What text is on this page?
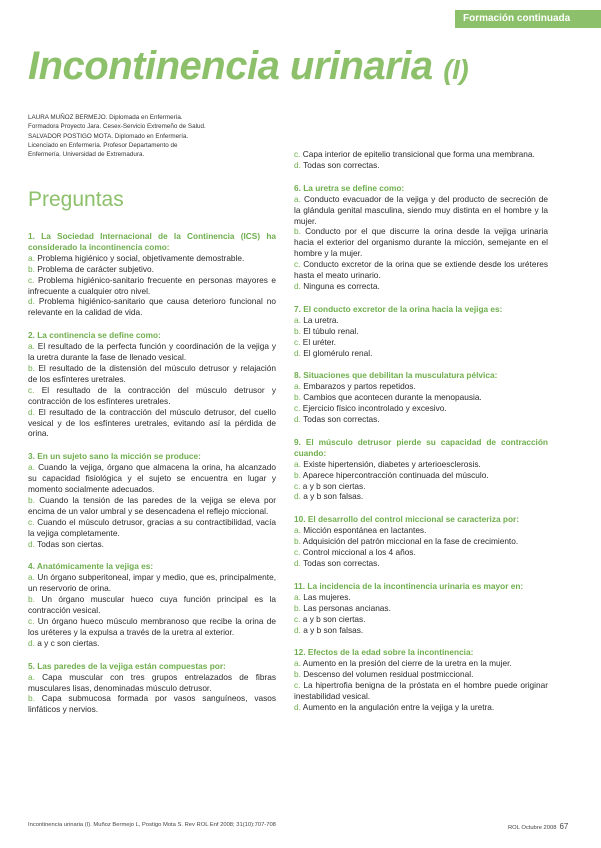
Formación continuada
Incontinencia urinaria (I)
LAURA MUÑOZ BERMEJO. Diplomada en Enfermería.
Formadora Proyecto Jara. Cesex-Servicio Extremeño de Salud.
SALVADOR POSTIGO MOTA. Diplomado en Enfermería.
Licenciado en Enfermería. Profesor Departamento de
Enfermería. Universidad de Extremadura.
Preguntas
1. La Sociedad Internacional de la Continencia (ICS) ha considerado la incontinencia como:
a. Problema higiénico y social, objetivamente demostrable.
b. Problema de carácter subjetivo.
c. Problema higiénico-sanitario frecuente en personas mayores e infrecuente a cualquier otro nivel.
d. Problema higiénico-sanitario que causa deterioro funcional no relevante en la calidad de vida.
2. La continencia se define como:
a. El resultado de la perfecta función y coordinación de la vejiga y la uretra durante la fase de llenado vesical.
b. El resultado de la distensión del músculo detrusor y relajación de los esfínteres uretrales.
c. El resultado de la contracción del músculo detrusor y contracción de los esfínteres uretrales.
d. El resultado de la contracción del músculo detrusor, del cuello vesical y de los esfínteres uretrales, evitando así la pérdida de orina.
3. En un sujeto sano la micción se produce:
a. Cuando la vejiga, órgano que almacena la orina, ha alcanzado su capacidad fisiológica y el sujeto se encuentra en lugar y momento socialmente adecuados.
b. Cuando la tensión de las paredes de la vejiga se eleva por encima de un valor umbral y se desencadena el reflejo miccional.
c. Cuando el músculo detrusor, gracias a su contractibilidad, vacía la vejiga completamente.
d. Todas son ciertas.
4. Anatómicamente la vejiga es:
a. Un órgano subperitoneal, impar y medio, que es, principalmente, un reservorio de orina.
b. Un órgano muscular hueco cuya función principal es la contracción vesical.
c. Un órgano hueco músculo membranoso que recibe la orina de los uréteres y la expulsa a través de la uretra al exterior.
d. a y c son ciertas.
5. Las paredes de la vejiga están compuestas por:
a. Capa muscular con tres grupos entrelazados de fibras musculares lisas, denominadas músculo detrusor.
b. Capa submucosa formada por vasos sanguíneos, vasos linfáticos y nervios.
c. Capa interior de epitelio transicional que forma una membrana.
d. Todas son correctas.
6. La uretra se define como:
a. Conducto evacuador de la vejiga y del producto de secreción de la glándula genital masculina, siendo muy distinta en el hombre y la mujer.
b. Conducto por el que discurre la orina desde la vejiga urinaria hacia el exterior del organismo durante la micción, semejante en el hombre y la mujer.
c. Conducto excretor de la orina que se extiende desde los uréteres hasta el meato urinario.
d. Ninguna es correcta.
7. El conducto excretor de la orina hacia la vejiga es:
a. La uretra.
b. El túbulo renal.
c. El uréter.
d. El glomérulo renal.
8. Situaciones que debilitan la musculatura pélvica:
a. Embarazos y partos repetidos.
b. Cambios que acontecen durante la menopausia.
c. Ejercicio físico incontrolado y excesivo.
d. Todas son correctas.
9. El músculo detrusor pierde su capacidad de contracción cuando:
a. Existe hipertensión, diabetes y arterioesclerosis.
b. Aparece hipercontracción continuada del músculo.
c. a y b son ciertas.
d. a y b son falsas.
10. El desarrollo del control miccional se caracteriza por:
a. Micción espontánea en lactantes.
b. Adquisición del patrón miccional en la fase de crecimiento.
c. Control miccional a los 4 años.
d. Todas son correctas.
11. La incidencia de la incontinencia urinaria es mayor en:
a. Las mujeres.
b. Las personas ancianas.
c. a y b son ciertas.
d. a y b son falsas.
12. Efectos de la edad sobre la incontinencia:
a. Aumento en la presión del cierre de la uretra en la mujer.
b. Descenso del volumen residual postmiccional.
c. La hipertrofia benigna de la próstata en el hombre puede originar inestabilidad vesical.
d. Aumento en la angulación entre la vejiga y la uretra.
Incontinencia urinaria (I). Muñoz Bermejo L, Postigo Mota S. Rev ROL Enf 2008; 31(10):707-708	ROL Octubre 2008 67
